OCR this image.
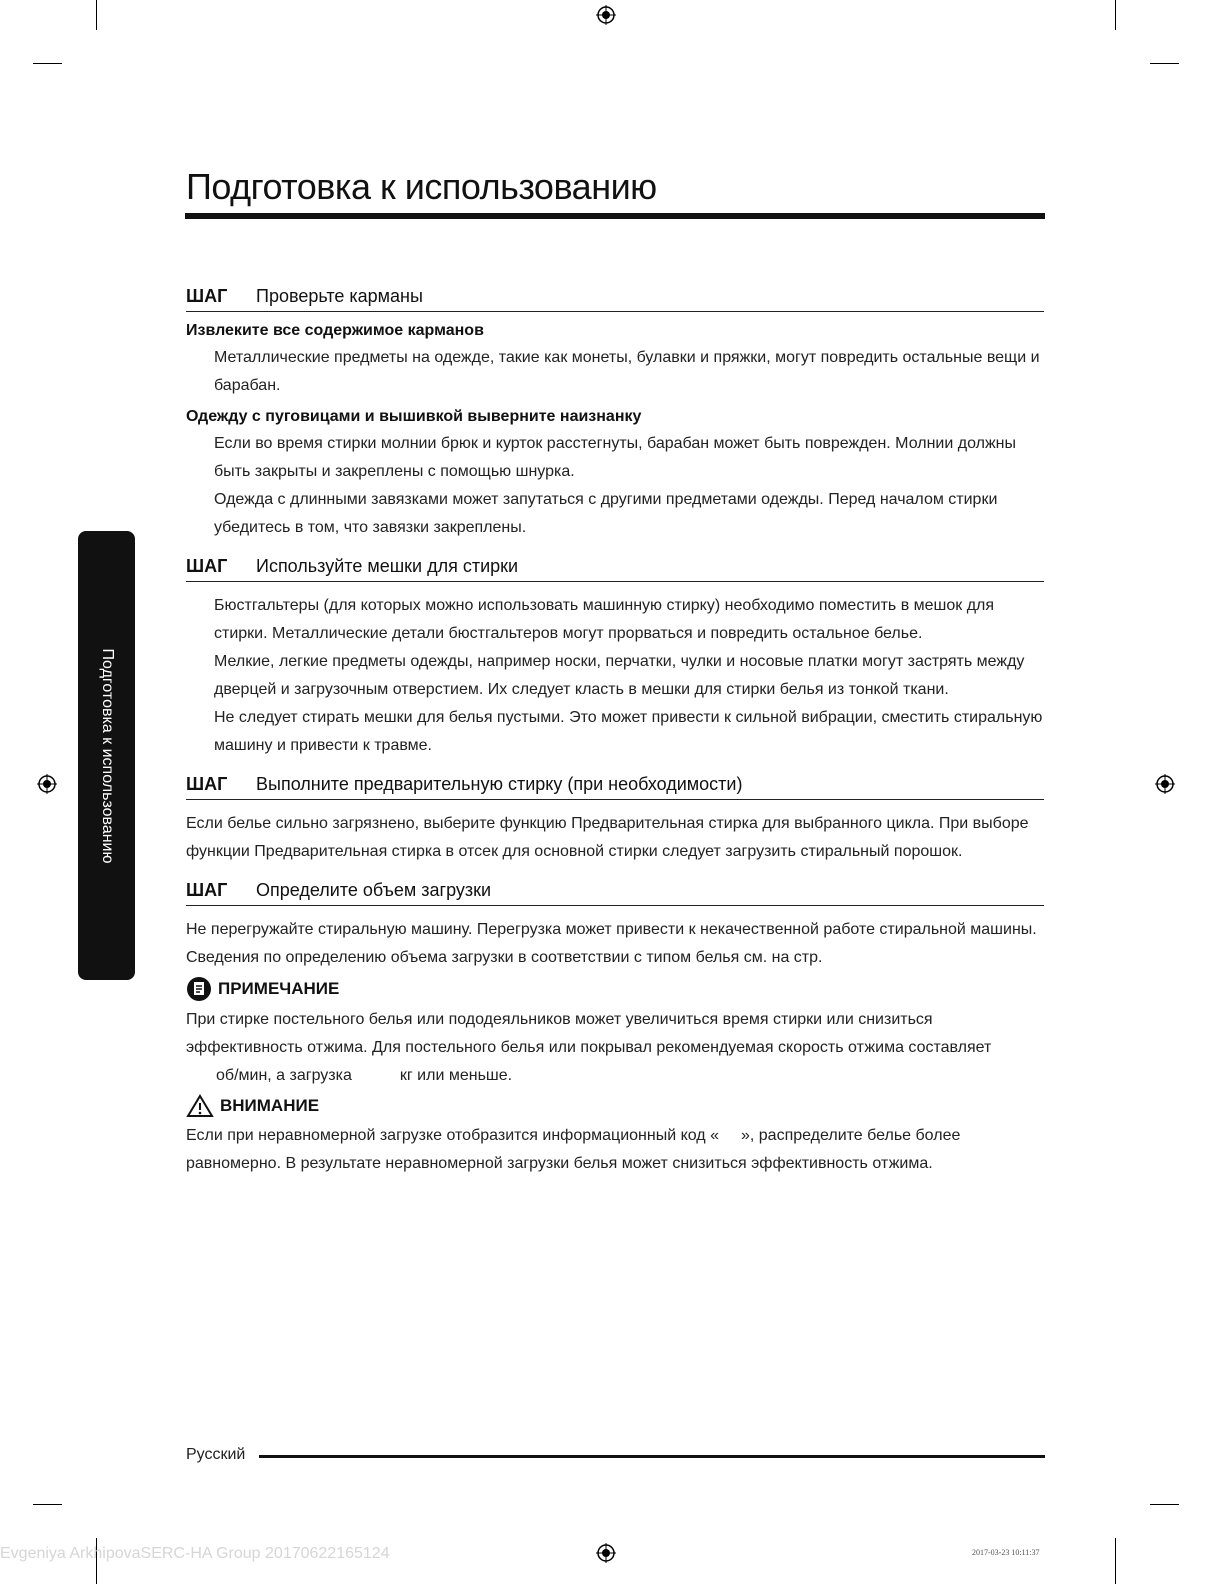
Подготовка к использованию
Подготовка к использованию
ШАГ	Проверьте карманы
Извлеките все содержимое карманов

Металлические предметы на одежде, такие как монеты, булавки и пряжки, могут повредить остальные вещи и барабан.

Одежду с пуговицами и вышивкой выверните наизнанку

Если во время стирки молнии брюк и курток расстегнуты, барабан может быть поврежден. Молнии должны быть закрыты и закреплены с помощью шнурка.

Одежда с длинными завязками может запутаться с другими предметами одежды. Перед началом стирки убедитесь в том, что завязки закреплены.

ШАГ	Используйте мешки для стирки

Бюстгальтеры (для которых можно использовать машинную стирку) необходимо поместить в мешок для стирки. Металлические детали бюстгальтеров могут прорваться и повредить остальное белье.

Мелкие, легкие предметы одежды, например носки, перчатки, чулки и носовые платки могут застрять между дверцей и загрузочным отверстием. Их следует класть в мешки для стирки белья из тонкой ткани.

Не следует стирать мешки для белья пустыми. Это может привести к сильной вибрации, сместить стиральную машину и привести к травме.

ШАГ	Выполните предварительную стирку (при необходимости)

Если белье сильно загрязнено, выберите функцию Предварительная стирка для выбранного цикла. При выборе функции Предварительная стирка в отсек для основной стирки следует загрузить стиральный порошок.

ШАГ	Определите объем загрузки

Не перегружайте стиральную машину. Перегрузка может привести к некачественной работе стиральной машины. Сведения по определению объема загрузки в соответствии с типом белья см. на стр.

ПРИМЕЧАНИЕ

При стирке постельного белья или пододеяльников может увеличиться время стирки или снизиться эффективность отжима. Для постельного белья или покрывал рекомендуемая скорость отжима составляет

об/мин, а загрузка	кг или меньше.

ВНИМАНИЕ

Если при неравномерной загрузке отобразится информационный код « », распределите белье более равномерно. В результате неравномерной загрузки белья может снизиться эффективность отжима.

Русский
Evgeniya ArkhipovaSERC-HA Group 20170622165124	2017-03-23 10:11:37
